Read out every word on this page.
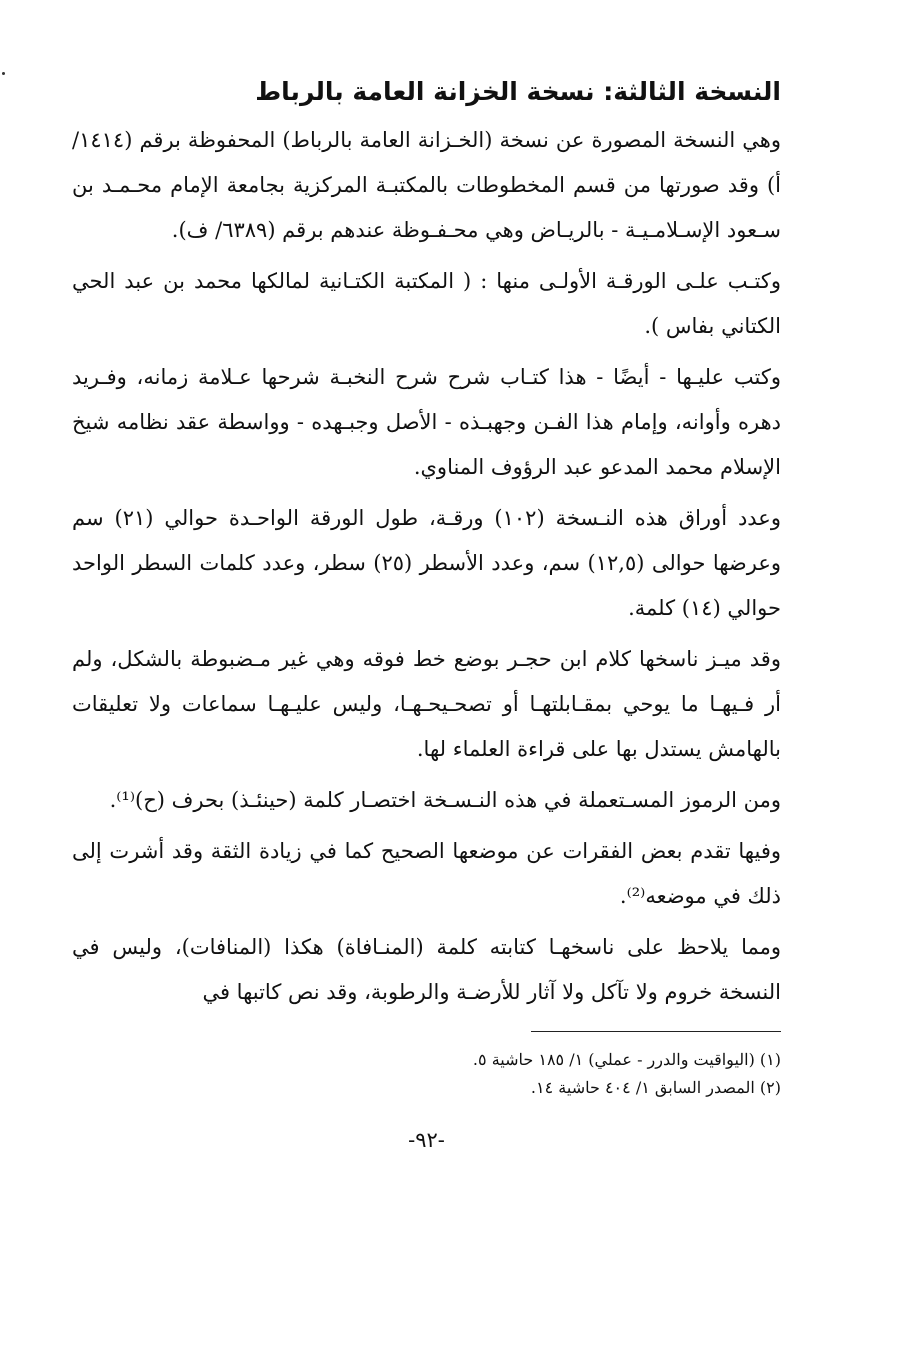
النسخة الثالثة: نسخة الخزانة العامة بالرباط

وهي النسخة المصورة عن نسخة (الخـزانة العامة بالرباط) المحفوظة برقم (١٤١٤/أ) وقد صورتها من قسم المخطوطات بالمكتبـة المركزية بجامعة الإمام محـمـد بن سـعود الإسـلامـيـة - بالريـاض وهي محـفـوظة عندهم برقم (٦٣٨٩/ ف).

وكتـب علـى الورقـة الأولـى منها : ( المكتبة الكتـانية لمالكها محمد بن عبد الحي الكتاني بفاس ).

وكتب عليـها - أيضًا - هذا كتـاب شرح شرح النخبـة شرحها عـلامة زمانه، وفـريد دهره وأوانه، وإمام هذا الفـن وجهبـذه - الأصل وجبـهده - وواسطة عقد نظامه شيخ الإسلام محمد المدعو عبد الرؤوف المناوي.

وعدد أوراق هذه النـسخة (١٠٢) ورقـة، طول الورقة الواحـدة حوالي (٢١) سم وعرضها حوالى (١٢,٥) سم، وعدد الأسطر (٢٥) سطر، وعدد كلمات السطر الواحد حوالي (١٤) كلمة.

وقد ميـز ناسخها كلام ابن حجـر بوضع خط فوقه وهي غير مـضبوطة بالشكل، ولم أر فـيهـا ما يوحي بمقـابلتهـا أو تصحـيحـهـا، وليس عليـهـا سماعات ولا تعليقات بالهامش يستدل بها على قراءة العلماء لها.

ومن الرموز المسـتعملة في هذه النـسـخة اختصـار كلمة (حينئـذ) بحرف (ح)⁽¹⁾.

وفيها تقدم بعض الفقرات عن موضعها الصحيح كما في زيادة الثقة وقد أشرت إلى ذلك في موضعه⁽²⁾.

ومما يلاحظ على ناسخهـا كتابته كلمة (المنـافاة) هكذا (المنافات)، وليس في النسخة خروم ولا تآكل ولا آثار للأرضـة والرطوبة، وقد نص كاتبها في

(١) (اليواقيت والدرر - عملي) ١/ ١٨٥ حاشية ٥.

(٢) المصدر السابق ١/ ٤٠٤ حاشية ١٤.

-٩٢-
